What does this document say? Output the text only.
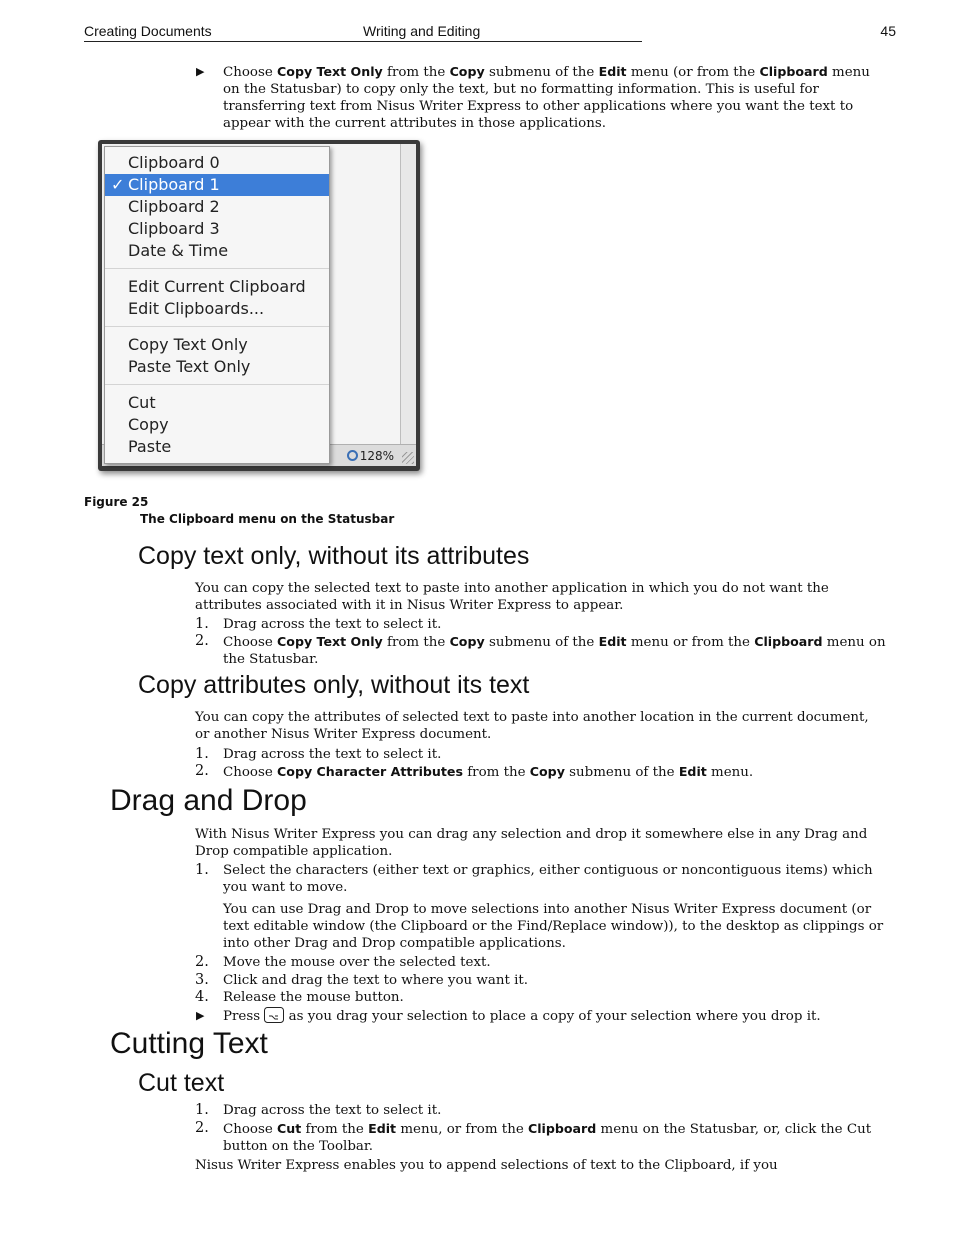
Creating Documents	Writing and Editing	45
▶	Choose Copy Text Only from the Copy submenu of the Edit menu (or from the Clipboard menu on the Statusbar) to copy only the text, but no formatting information. This is useful for transferring text from Nisus Writer Express to other applications where you want the text to appear with the current attributes in those applications.
128%
Clipboard 0
✓ Clipboard 1
Clipboard 2
Clipboard 3
Date & Time
Edit Current Clipboard
Edit Clipboards...
Copy Text Only
Paste Text Only
Cut
Copy
Paste
Figure 25
The Clipboard menu on the Statusbar
Copy text only, without its attributes
You can copy the selected text to paste into another application in which you do not want the attributes associated with it in Nisus Writer Express to appear.
1.	Drag across the text to select it.
2.	Choose Copy Text Only from the Copy submenu of the Edit menu or from the Clipboard menu on the Statusbar.
Copy attributes only, without its text
You can copy the attributes of selected text to paste into another location in the current document, or another Nisus Writer Express document.
1.	Drag across the text to select it.
2.	Choose Copy Character Attributes from the Copy submenu of the Edit menu.
Drag and Drop
With Nisus Writer Express you can drag any selection and drop it somewhere else in any Drag and Drop compatible application.
1.	Select the characters (either text or graphics, either contiguous or noncontiguous items) which you want to move.
You can use Drag and Drop to move selections into another Nisus Writer Express document (or text editable window (the Clipboard or the Find/Replace window)), to the desktop as clippings or into other Drag and Drop compatible applications.
2.	Move the mouse over the selected text.
3.	Click and drag the text to where you want it.
4.	Release the mouse button.
▶	Press  as you drag your selection to place a copy of your selection where you drop it.
Cutting Text
Cut text
1.	Drag across the text to select it.
2.	Choose Cut from the Edit menu, or from the Clipboard menu on the Statusbar, or, click the Cut button on the Toolbar.
Nisus Writer Express enables you to append selections of text to the Clipboard, if you
